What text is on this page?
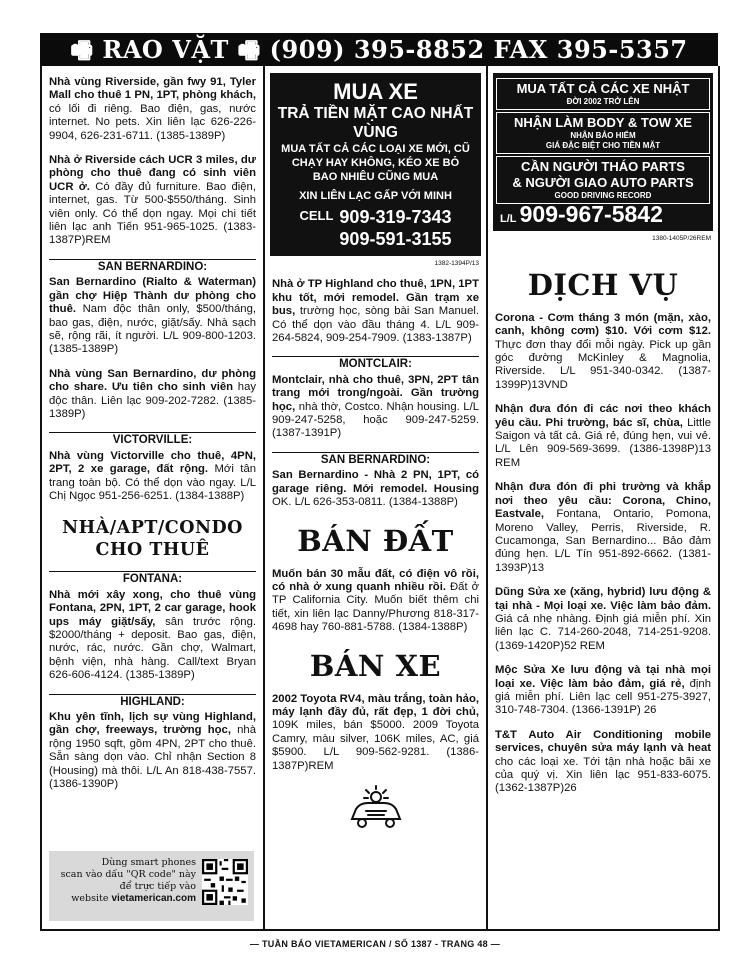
🖷 RAO VẶT 🖷 (909) 395-8852 FAX 395-5357

Nhà vùng Riverside, gần fwy 91, Tyler Mall cho thuê 1 PN, 1PT, phòng khách, có lối đi riêng. Bao điện, gas, nước internet. No pets. Xin liên lạc 626-226-9904, 626-231-6711. (1385-1389P)

Nhà ở Riverside cách UCR 3 miles, dư phòng cho thuê đang có sinh viên UCR ở. Có đầy đủ furniture. Bao điện, internet, gas. Từ 500-$550/tháng. Sinh viên only. Có thể dọn ngay. Mọi chi tiết liên lạc anh Tiến 951-965-1025. (1383-1387P)REM

SAN BERNARDINO:

San Bernardino (Rialto & Waterman) gần chợ Hiệp Thành dư phòng cho thuê. Nam độc thân only, $500/tháng, bao gas, điện, nước, giặt/sấy. Nhà sạch sẽ, rộng rãi, ít người. L/L 909-800-1203. (1385-1389P)

Nhà vùng San Bernardino, dư phòng cho share. Ưu tiên cho sinh viên hay độc thân. Liên lạc 909-202-7282. (1385-1389P)

VICTORVILLE:

Nhà vùng Victorville cho thuê, 4PN, 2PT, 2 xe garage, đất rộng. Mới tân trang toàn bộ. Có thể dọn vào ngay. L/L Chị Ngọc 951-256-6251. (1384-1388P)

NHÀ/APT/CONDO CHO THUÊ
FONTANA:

Nhà mới xây xong, cho thuê vùng Fontana, 2PN, 1PT, 2 car garage, hook ups máy giặt/sấy, sân trước rộng. $2000/tháng + deposit. Bao gas, điện, nước, rác, nước. Gần chợ, Walmart, bệnh viện, nhà hàng. Call/text Bryan 626-606-4124. (1385-1389P)

HIGHLAND:

Khu yên tĩnh, lịch sự vùng Highland, gần chợ, freeways, trường học, nhà rộng 1950 sqft, gồm 4PN, 2PT cho thuê. Sẵn sàng dọn vào. Chỉ nhận Section 8 (Housing) mà thôi. L/L An 818-438-7557. (1386-1390P)

Dùng smart phones
scan vào dấu "QR code" này
để trực tiếp vào
website vietamerican.com
MUA XE
TRẢ TIỀN MẶT CAO NHẤT VÙNG
MUA TẤT CẢ CÁC LOẠI XE MỚI, CŨ
CHẠY HAY KHÔNG, KÉO XE BỎ
BAO NHIÊU CŨNG MUA
XIN LIÊN LẠC GẤP VỚI MINH
CELL 909-319-7343
909-591-3155
1382-1394P/13

Nhà ở TP Highland cho thuê, 1PN, 1PT khu tốt, mới remodel. Gần trạm xe bus, trường học, sòng bài San Manuel. Có thể dọn vào đầu tháng 4. L/L 909-264-5824, 909-254-7909. (1383-1387P)

MONTCLAIR:

Montclair, nhà cho thuê, 3PN, 2PT tân trang mới trong/ngoài. Gần trường học, nhà thờ, Costco. Nhận housing. L/L 909-247-5258, hoặc 909-247-5259. (1387-1391P)

SAN BERNARDINO:

San Bernardino - Nhà 2 PN, 1PT, có garage riêng. Mới remodel. Housing OK. L/L 626-353-0811. (1384-1388P)

BÁN ĐẤT

Muốn bán 30 mẫu đất, có điện vô rồi, có nhà ở xung quanh nhiều rồi. Đất ở TP California City. Muốn biết thêm chi tiết, xin liên lạc Danny/Phương 818-317-4698 hay 760-881-5788. (1384-1388P)

BÁN XE

2002 Toyota RV4, màu trắng, toàn hảo, máy lạnh đầy đủ, rất đẹp, 1 đời chủ, 109K miles, bán $5000. 2009 Toyota Camry, màu silver, 106K miles, AC, giá $5900. L/L 909-562-9281. (1386-1387P)REM

MUA TẤT CẢ CÁC XE NHẬT
ĐỜI 2002 TRỞ LÊN
NHẬN LÀM BODY & TOW XE
NHẬN BẢO HIỂM
GIÁ ĐẶC BIỆT CHO TIỀN MẶT
CẦN NGƯỜI THÁO PARTS
& NGƯỜI GIAO AUTO PARTS
GOOD DRIVING RECORD
L/L 909-967-5842
1380-1405P/26REM
DỊCH VỤ

Corona - Cơm tháng 3 món (mặn, xào, canh, không cơm) $10. Với cơm $12. Thực đơn thay đổi mỗi ngày. Pick up gần góc đường McKinley & Magnolia, Riverside. L/L 951-340-0342. (1387-1399P)13VND

Nhận đưa đón đi các nơi theo khách yêu cầu. Phi trường, bác sĩ, chùa, Little Saigon và tất cả. Giá rẻ, đúng hẹn, vui vẻ. L/L Lên 909-569-3699. (1386-1398P)13 REM

Nhận đưa đón đi phi trường và khắp nơi theo yêu cầu: Corona, Chino, Eastvale, Fontana, Ontario, Pomona, Moreno Valley, Perris, Riverside, R. Cucamonga, San Bernardino... Bảo đảm đúng hẹn. L/L Tín 951-892-6662. (1381-1393P)13

Dũng Sửa xe (xăng, hybrid) lưu động & tại nhà - Mọi loại xe. Việc làm bảo đảm. Giá cả nhẹ nhàng. Định giá miễn phí. Xin liên lạc C. 714-260-2048, 714-251-9208. (1369-1420P)52 REM

Mộc Sửa Xe lưu động và tại nhà mọi loại xe. Việc làm bảo đảm, giá rẻ, định giá miễn phí. Liên lạc cell 951-275-3927, 310-748-7304. (1366-1391P) 26

T&T Auto Air Conditioning mobile services, chuyên sửa máy lạnh và heat cho các loại xe. Tới tận nhà hoặc bãi xe của quý vị. Xin liên lạc 951-833-6075. (1362-1387P)26

— TUẦN BÁO VIETAMERICAN / SỐ 1387 - TRANG 48 —
